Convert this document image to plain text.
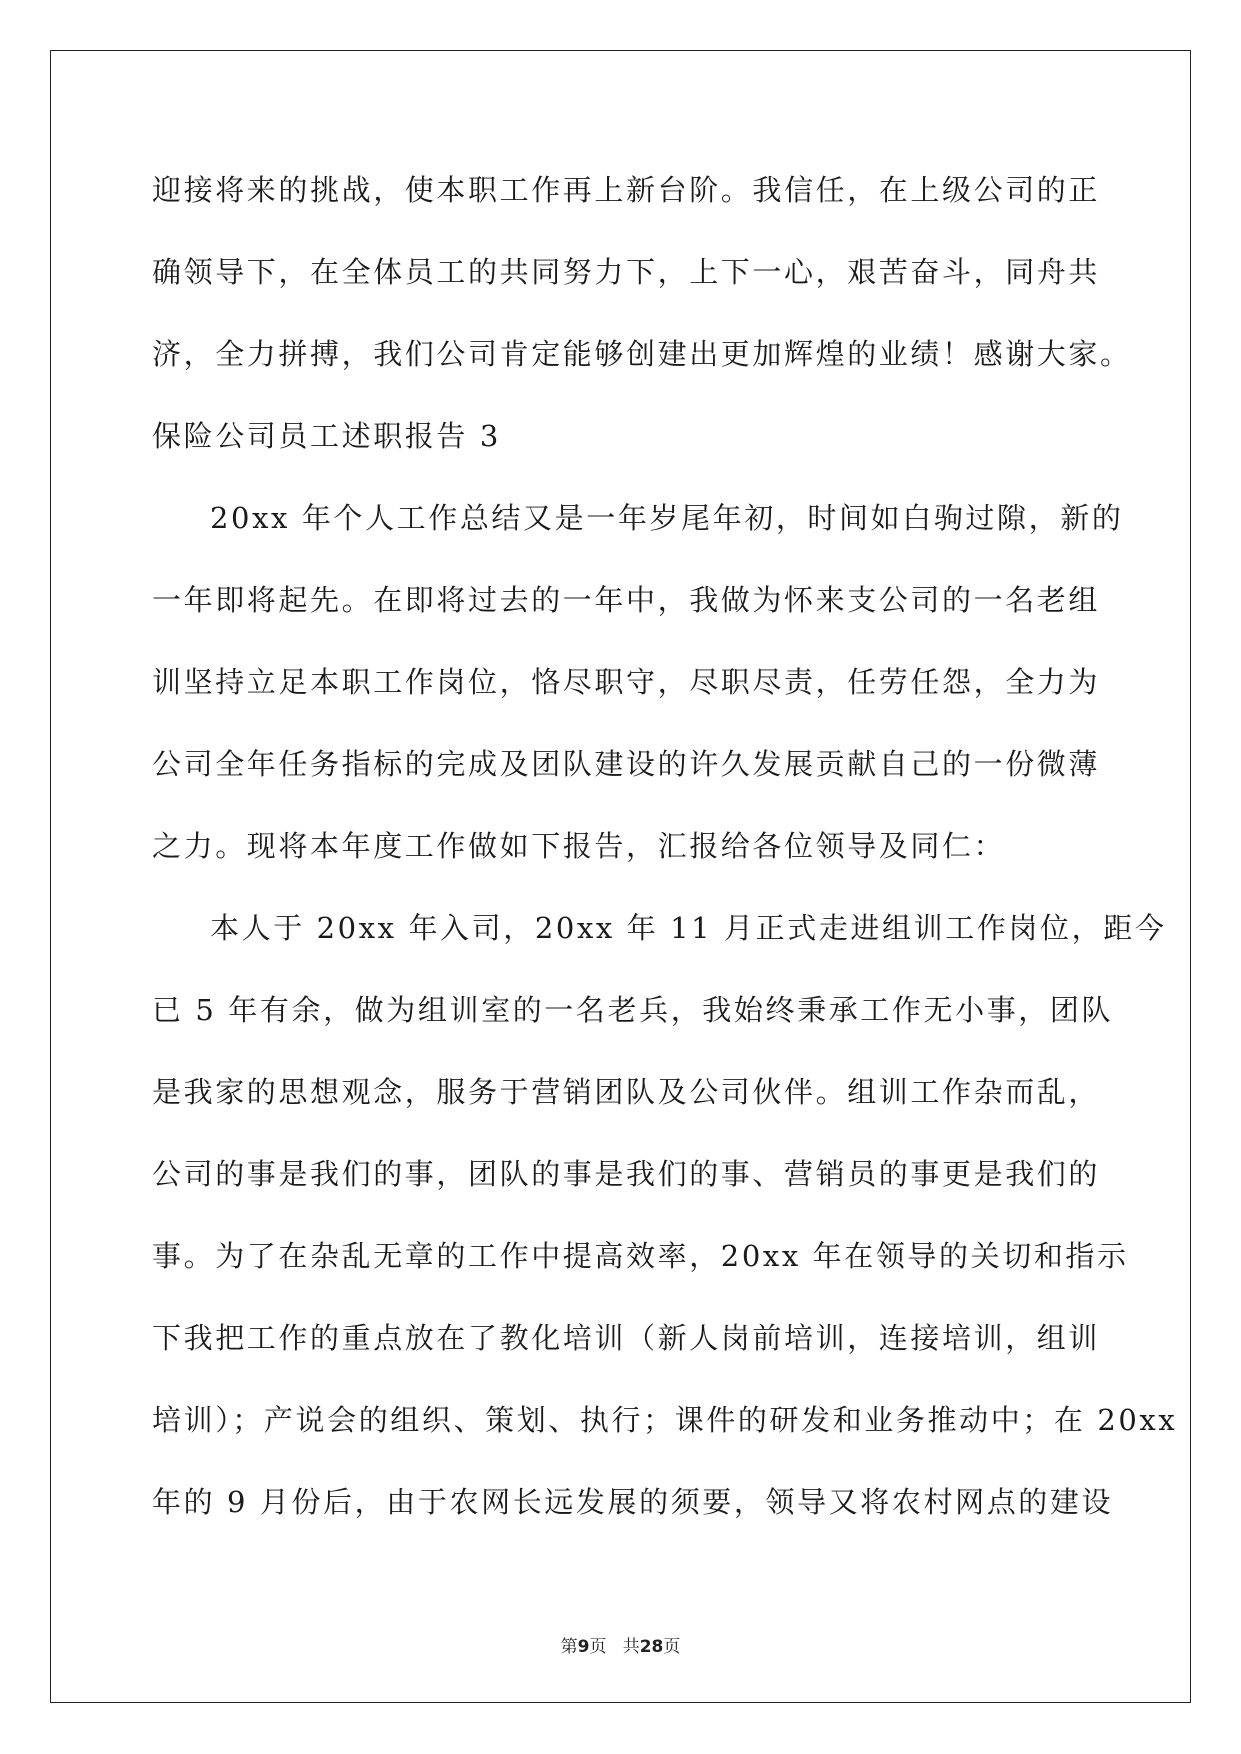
迎接将来的挑战，使本职工作再上新台阶。我信任，在上级公司的正
确领导下，在全体员工的共同努力下，上下一心，艰苦奋斗，同舟共
济，全力拼搏，我们公司肯定能够创建出更加辉煌的业绩！感谢大家。
保险公司员工述职报告 3
20xx 年个人工作总结又是一年岁尾年初，时间如白驹过隙，新的
一年即将起先。在即将过去的一年中，我做为怀来支公司的一名老组
训坚持立足本职工作岗位，恪尽职守，尽职尽责，任劳任怨，全力为
公司全年任务指标的完成及团队建设的许久发展贡献自己的一份微薄
之力。现将本年度工作做如下报告，汇报给各位领导及同仁：
本人于 20xx 年入司，20xx 年 11 月正式走进组训工作岗位，距今
已 5 年有余，做为组训室的一名老兵，我始终秉承工作无小事，团队
是我家的思想观念，服务于营销团队及公司伙伴。组训工作杂而乱，
公司的事是我们的事，团队的事是我们的事、营销员的事更是我们的
事。为了在杂乱无章的工作中提高效率，20xx 年在领导的关切和指示
下我把工作的重点放在了教化培训（新人岗前培训，连接培训，组训
培训）；产说会的组织、策划、执行；课件的研发和业务推动中；在 20xx
年的 9 月份后，由于农网长远发展的须要，领导又将农村网点的建设
第9页 共28页
